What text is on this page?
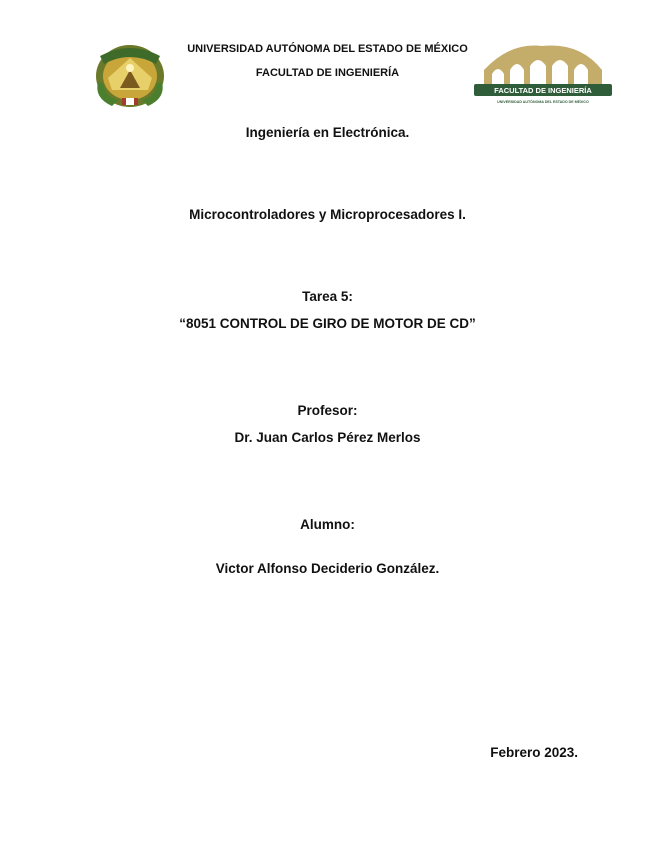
UNIVERSIDAD AUTÓNOMA DEL ESTADO DE MÉXICO
FACULTAD DE INGENIERÍA
FACULTAD DE INGENIERÍA
UNIVERSIDAD AUTÓNOMA DEL ESTADO DE MÉXICO
Ingeniería en Electrónica.
Microcontroladores y Microprocesadores I.
Tarea 5:
“8051 CONTROL DE GIRO DE MOTOR DE CD”
Profesor:
Dr. Juan Carlos Pérez Merlos
Alumno:
Victor Alfonso Deciderio González.
Febrero 2023.
